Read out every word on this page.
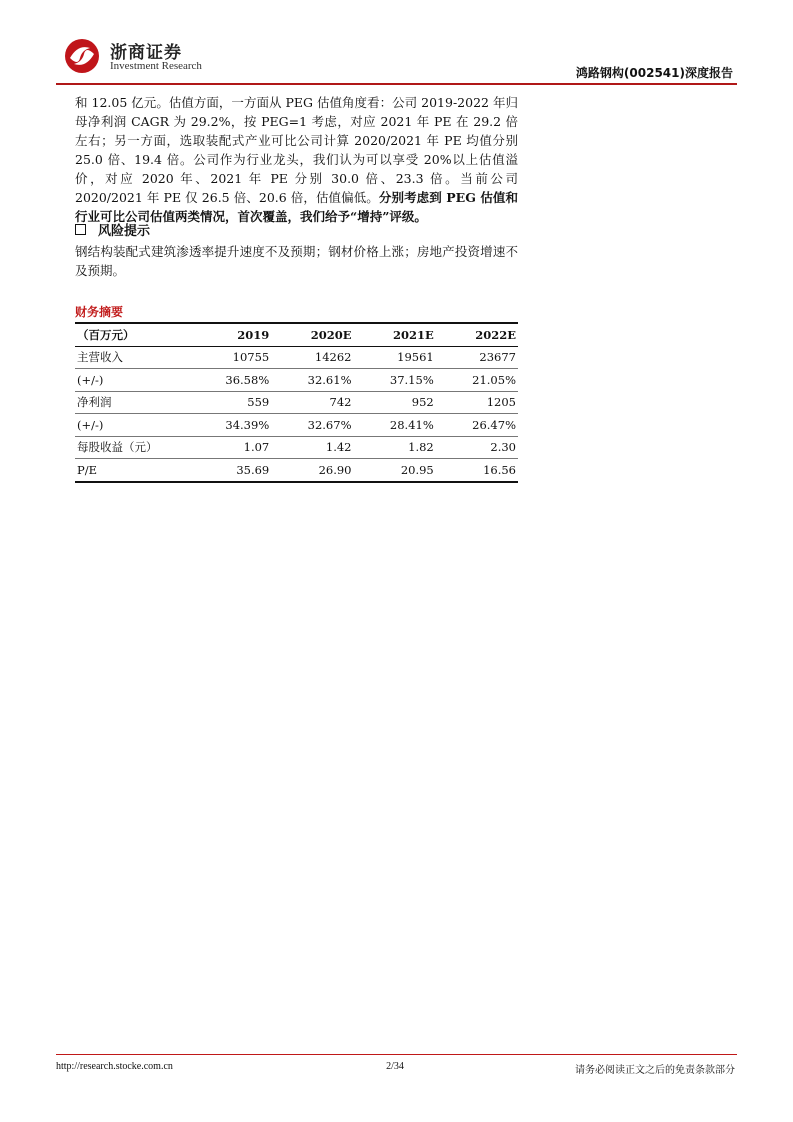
浙商证券
Investment Research	鸿路钢构(002541)深度报告
和 12.05 亿元。估值方面，一方面从 PEG 估值角度看：公司 2019-2022 年归母净利润 CAGR 为 29.2%，按 PEG=1 考虑，对应 2021 年 PE 在 29.2 倍左右；另一方面，选取装配式产业可比公司计算 2020/2021 年 PE 均值分别 25.0 倍、19.4 倍。公司作为行业龙头，我们认为可以享受 20%以上估值溢价，对应 2020 年、2021 年 PE 分别 30.0 倍、23.3 倍。当前公司 2020/2021 年 PE 仅 26.5 倍、20.6 倍，估值偏低。分别考虑到 PEG 估值和行业可比公司估值两类情况，首次覆盖，我们给予“增持”评级。
风险提示
钢结构装配式建筑渗透率提升速度不及预期；钢材价格上涨；房地产投资增速不及预期。
财务摘要
（百万元）	2019	2020E	2021E	2022E
主营收入	10755	14262	19561	23677
(+/-)	36.58%	32.61%	37.15%	21.05%
净利润	559	742	952	1205
(+/-)	34.39%	32.67%	28.41%	26.47%
每股收益（元）	1.07	1.42	1.82	2.30
P/E	35.69	26.90	20.95	16.56
http://research.stocke.com.cn	2/34	请务必阅读正文之后的免责条款部分
